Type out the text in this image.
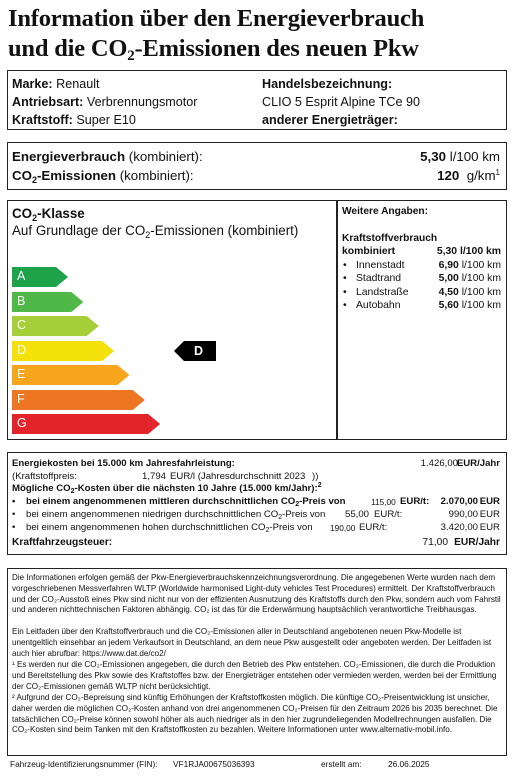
Information über den Energieverbrauch
und die CO2-Emissionen des neuen Pkw
Marke: Renault
Antriebsart: Verbrennungsmotor
Kraftstoff: Super E10
Handelsbezeichnung:
CLIO 5 Esprit Alpine TCe 90
anderer Energieträger:
Energieverbrauch (kombiniert):	5,30 l/100 km
$CO_2$-Emissionen (kombiniert):	120 $g/km^1$
$CO_2$-Klasse
Auf Grundlage der $CO_2$-Emissionen (kombiniert)
A
B
C
D
E
F
G
D
Weitere Angaben:
Kraftstoffverbrauch
kombiniert	5,30 l/100 km
• Innenstadt	6,90 l/100 km
• Stadtrand	5,00 l/100 km
• Landstraße	4,50 l/100 km
• Autobahn	5,60 l/100 km
Energiekosten bei 15.000 km Jahresfahrleistung:	1.426,00
EUR/Jahr
(Kraftstoffpreis:	1,794 EUR/l (Jahresdurchschnitt 2023 ))
Mögliche $CO_2$-Kosten über die nächsten 10 Jahre (15.000 km/Jahr):$^2$
• bei einem angenommenen mittleren durchschnittlichen $CO_2$-Preis von	115,00 EUR/t: 2.070,00 EUR
• bei einem angenommenen niedrigen durchschnittlichen $CO_2$-Preis von 55,00 EUR/t:	990,00 EUR
• bei einem angenommenen hohen durchschnittlichen $CO_2$-Preis von 190,00 EUR/t:	3.420,00 EUR
Kraftfahrzeugsteuer:	71,00 EUR/Jahr
Die Informationen erfolgen gemäß der Pkw-Energieverbrauchskennzeichnungsverordnung. Die angegebenen Werte wurden nach dem vorgeschriebenen Messverfahren WLTP (Worldwide harmonised Light-duty vehicles Test Procedures) ermittelt. Der Kraftstoffverbrauch und der CO₂-Ausstoß eines Pkw sind nicht nur von der effizienten Ausnutzung des Kraftstoffs durch den Pkw, sondern auch vom Fahrstil und anderen nichttechnischen Faktoren abhängig. CO₂ ist das für die Erderwärmung hauptsächlich verantwortliche Treibhausgas.
Ein Leitfaden über den Kraftstoffverbrauch und die CO₂-Emissionen aller in Deutschland angebotenen neuen Pkw-Modelle ist unentgeltlich einsehbar an jedem Verkaufsort in Deutschland, an dem neue Pkw ausgestellt oder angeboten werden. Der Leitfaden ist auch hier abrufbar: https://www.dat.de/co2/
¹ Es werden nur die CO₂-Emissionen angegeben, die durch den Betrieb des Pkw entstehen. CO₂-Emissionen, die durch die Produktion und Bereitstellung des Pkw sowie des Kraftstoffes bzw. der Energieträger entstehen oder vermieden werden, werden bei der Ermittlung der CO₂-Emissionen gemäß WLTP nicht berücksichtigt.
² Aufgrund der CO₂-Bepreisung sind künftig Erhöhungen der Kraftstoffkosten möglich. Die künftige CO₂-Preisentwicklung ist unsicher, daher werden die möglichen CO₂-Kosten anhand von drei angenommenen CO₂-Preisen für den Zeitraum 2026 bis 2035 berechnet. Die tatsächlichen CO₂-Preise können sowohl höher als auch niedriger als in den hier zugrundeliegenden Modellrechnungen ausfallen. Die CO₂-Kosten sind beim Tanken mit den Kraftstoffkosten zu bezahlen. Weitere Informationen unter www.alternativ-mobil.info.
Fahrzeug-Identifizierungsnummer (FIN): VF1RJA00675036393	erstellt am:	26.06.2025
